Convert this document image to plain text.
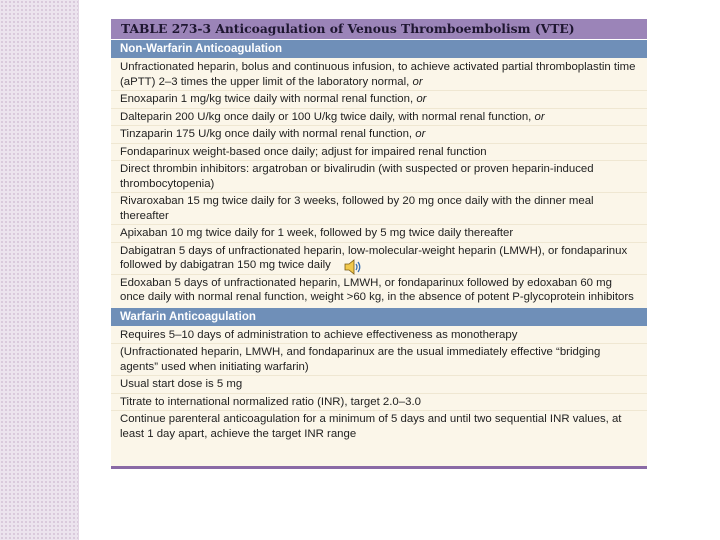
TABLE 273-3 Anticoagulation of Venous Thromboembolism (VTE)
Non-Warfarin Anticoagulation
Unfractionated heparin, bolus and continuous infusion, to achieve activated partial thromboplastin time (aPTT) 2–3 times the upper limit of the laboratory normal, or
Enoxaparin 1 mg/kg twice daily with normal renal function, or
Dalteparin 200 U/kg once daily or 100 U/kg twice daily, with normal renal function, or
Tinzaparin 175 U/kg once daily with normal renal function, or
Fondaparinux weight-based once daily; adjust for impaired renal function
Direct thrombin inhibitors: argatroban or bivalirudin (with suspected or proven heparin-induced thrombocytopenia)
Rivaroxaban 15 mg twice daily for 3 weeks, followed by 20 mg once daily with the dinner meal thereafter
Apixaban 10 mg twice daily for 1 week, followed by 5 mg twice daily thereafter
Dabigatran 5 days of unfractionated heparin, low-molecular-weight heparin (LMWH), or fondaparinux followed by dabigatran 150 mg twice daily
Edoxaban 5 days of unfractionated heparin, LMWH, or fondaparinux followed by edoxaban 60 mg once daily with normal renal function, weight >60 kg, in the absence of potent P-glycoprotein inhibitors
Warfarin Anticoagulation
Requires 5–10 days of administration to achieve effectiveness as monotherapy
(Unfractionated heparin, LMWH, and fondaparinux are the usual immediately effective “bridging agents” used when initiating warfarin)
Usual start dose is 5 mg
Titrate to international normalized ratio (INR), target 2.0–3.0
Continue parenteral anticoagulation for a minimum of 5 days and until two sequential INR values, at least 1 day apart, achieve the target INR range
